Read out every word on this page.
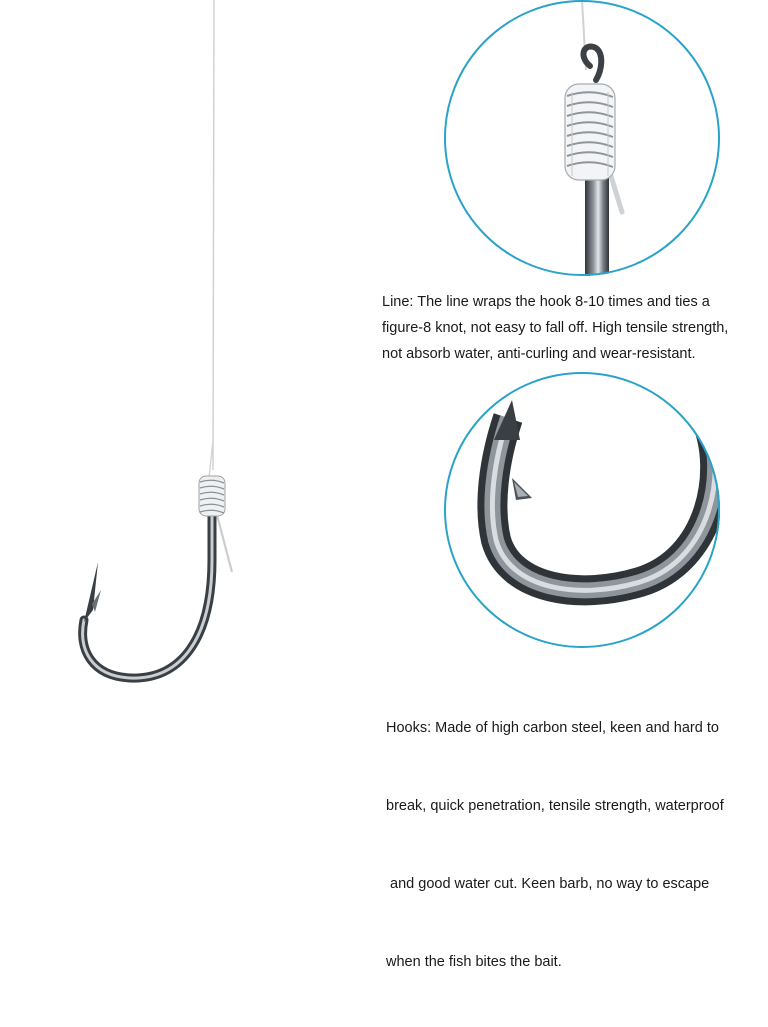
Line: The line wraps the hook 8-10 times and ties a
figure-8 knot, not easy to fall off. High tensile strength,
not absorb water, anti-curling and wear-resistant.

Hooks: Made of high carbon steel, keen and hard to

break, quick penetration, tensile strength, waterproof

and good water cut. Keen barb, no way to escape

when the fish bites the bait.
